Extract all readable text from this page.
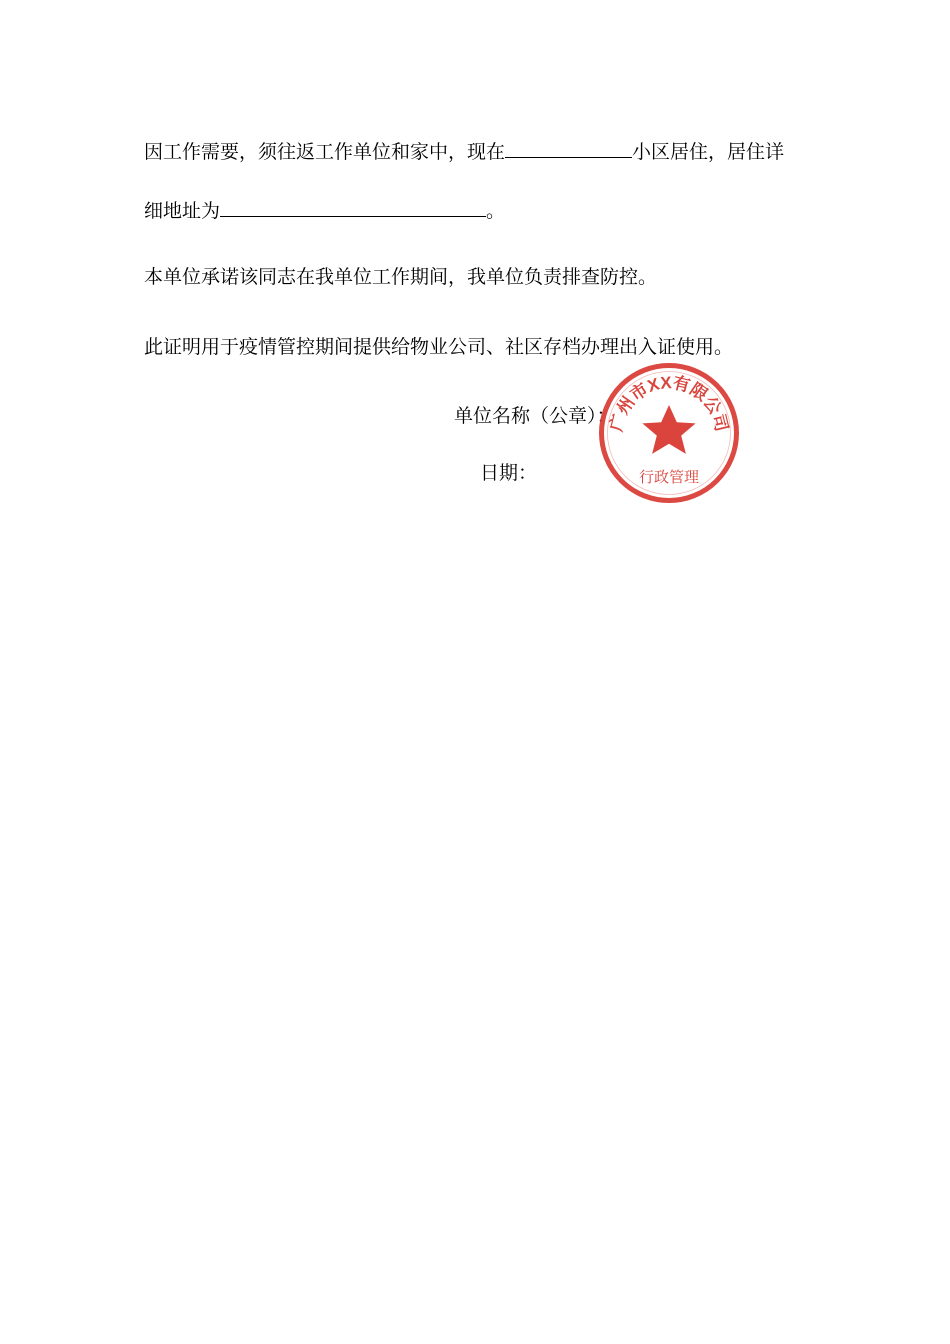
因工作需要，须往返工作单位和家中，现在	小区居住，居住详
细地址为	。
本单位承诺该同志在我单位工作期间，我单位负责排查防控。
此证明用于疫情管控期间提供给物业公司、社区存档办理出入证使用。
单位名称（公章）：
日期：
广州市XX有限公司
行政管理
